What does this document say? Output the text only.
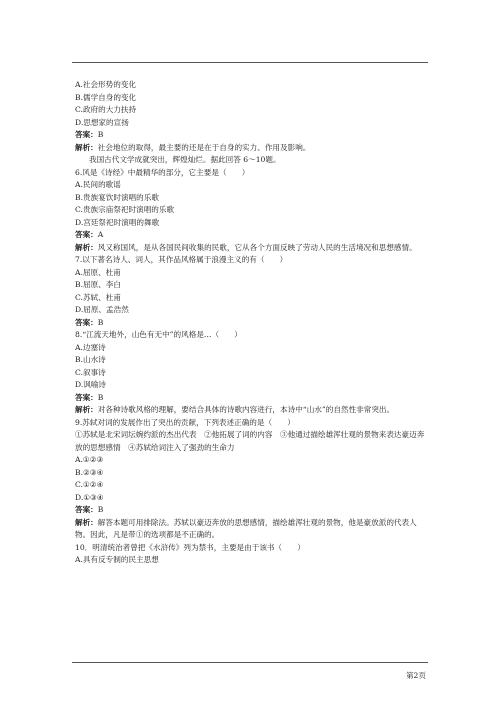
A.社会形势的变化
B.儒学自身的变化
C.政府的大力扶持
D.思想家的宣扬
答案：B
解析：社会地位的取得，最主要的还是在于自身的实力、作用及影响。
我国古代文学成就突出，辉煌灿烂。据此回答 6～10题。
6.风是《诗经》中最精华的部分，它主要是（　　）
A.民间的歌谣
B.贵族宴饮时演唱的乐歌
C.贵族宗庙祭祀时演唱的乐歌
D.宫廷祭祀时演唱的舞歌
答案：A
解析：风又称国风，是从各国民间收集的民歌，它从各个方面反映了劳动人民的生活境况和思想感情。
7.以下著名诗人、词人，其作品风格属于浪漫主义的有（　　）
A.屈原、杜甫
B.屈原、李白
C.苏轼、杜甫
D.屈原、孟浩然
答案：B
8.“江流天地外，山色有无中”的风格是…（　　）
A.边塞诗
B.山水诗
C.叙事诗
D.讽喻诗
答案：B
解析：对各种诗歌风格的理解，要结合具体的诗歌内容进行，本诗中“山水”的自然性非常突出。
9.苏轼对词的发展作出了突出的贡献，下列表述正确的是（　　）
①苏轼是北宋词坛婉约派的杰出代表　②他拓展了词的内容　③他通过描绘雄浑壮观的景物来表达豪迈奔放的思想感情　④苏轼给词注入了强劲的生命力
A.①②③
B.②③④
C.①②④
D.①③④
答案：B
解析：解答本题可用排除法。苏轼以豪迈奔放的思想感情，描绘雄浑壮观的景物，他是豪放派的代表人物。因此，凡是带①的选项都是不正确的。
10．明清统治者曾把《水浒传》列为禁书，主要是由于该书（　　）
A.具有反专制的民主思想
第2页
